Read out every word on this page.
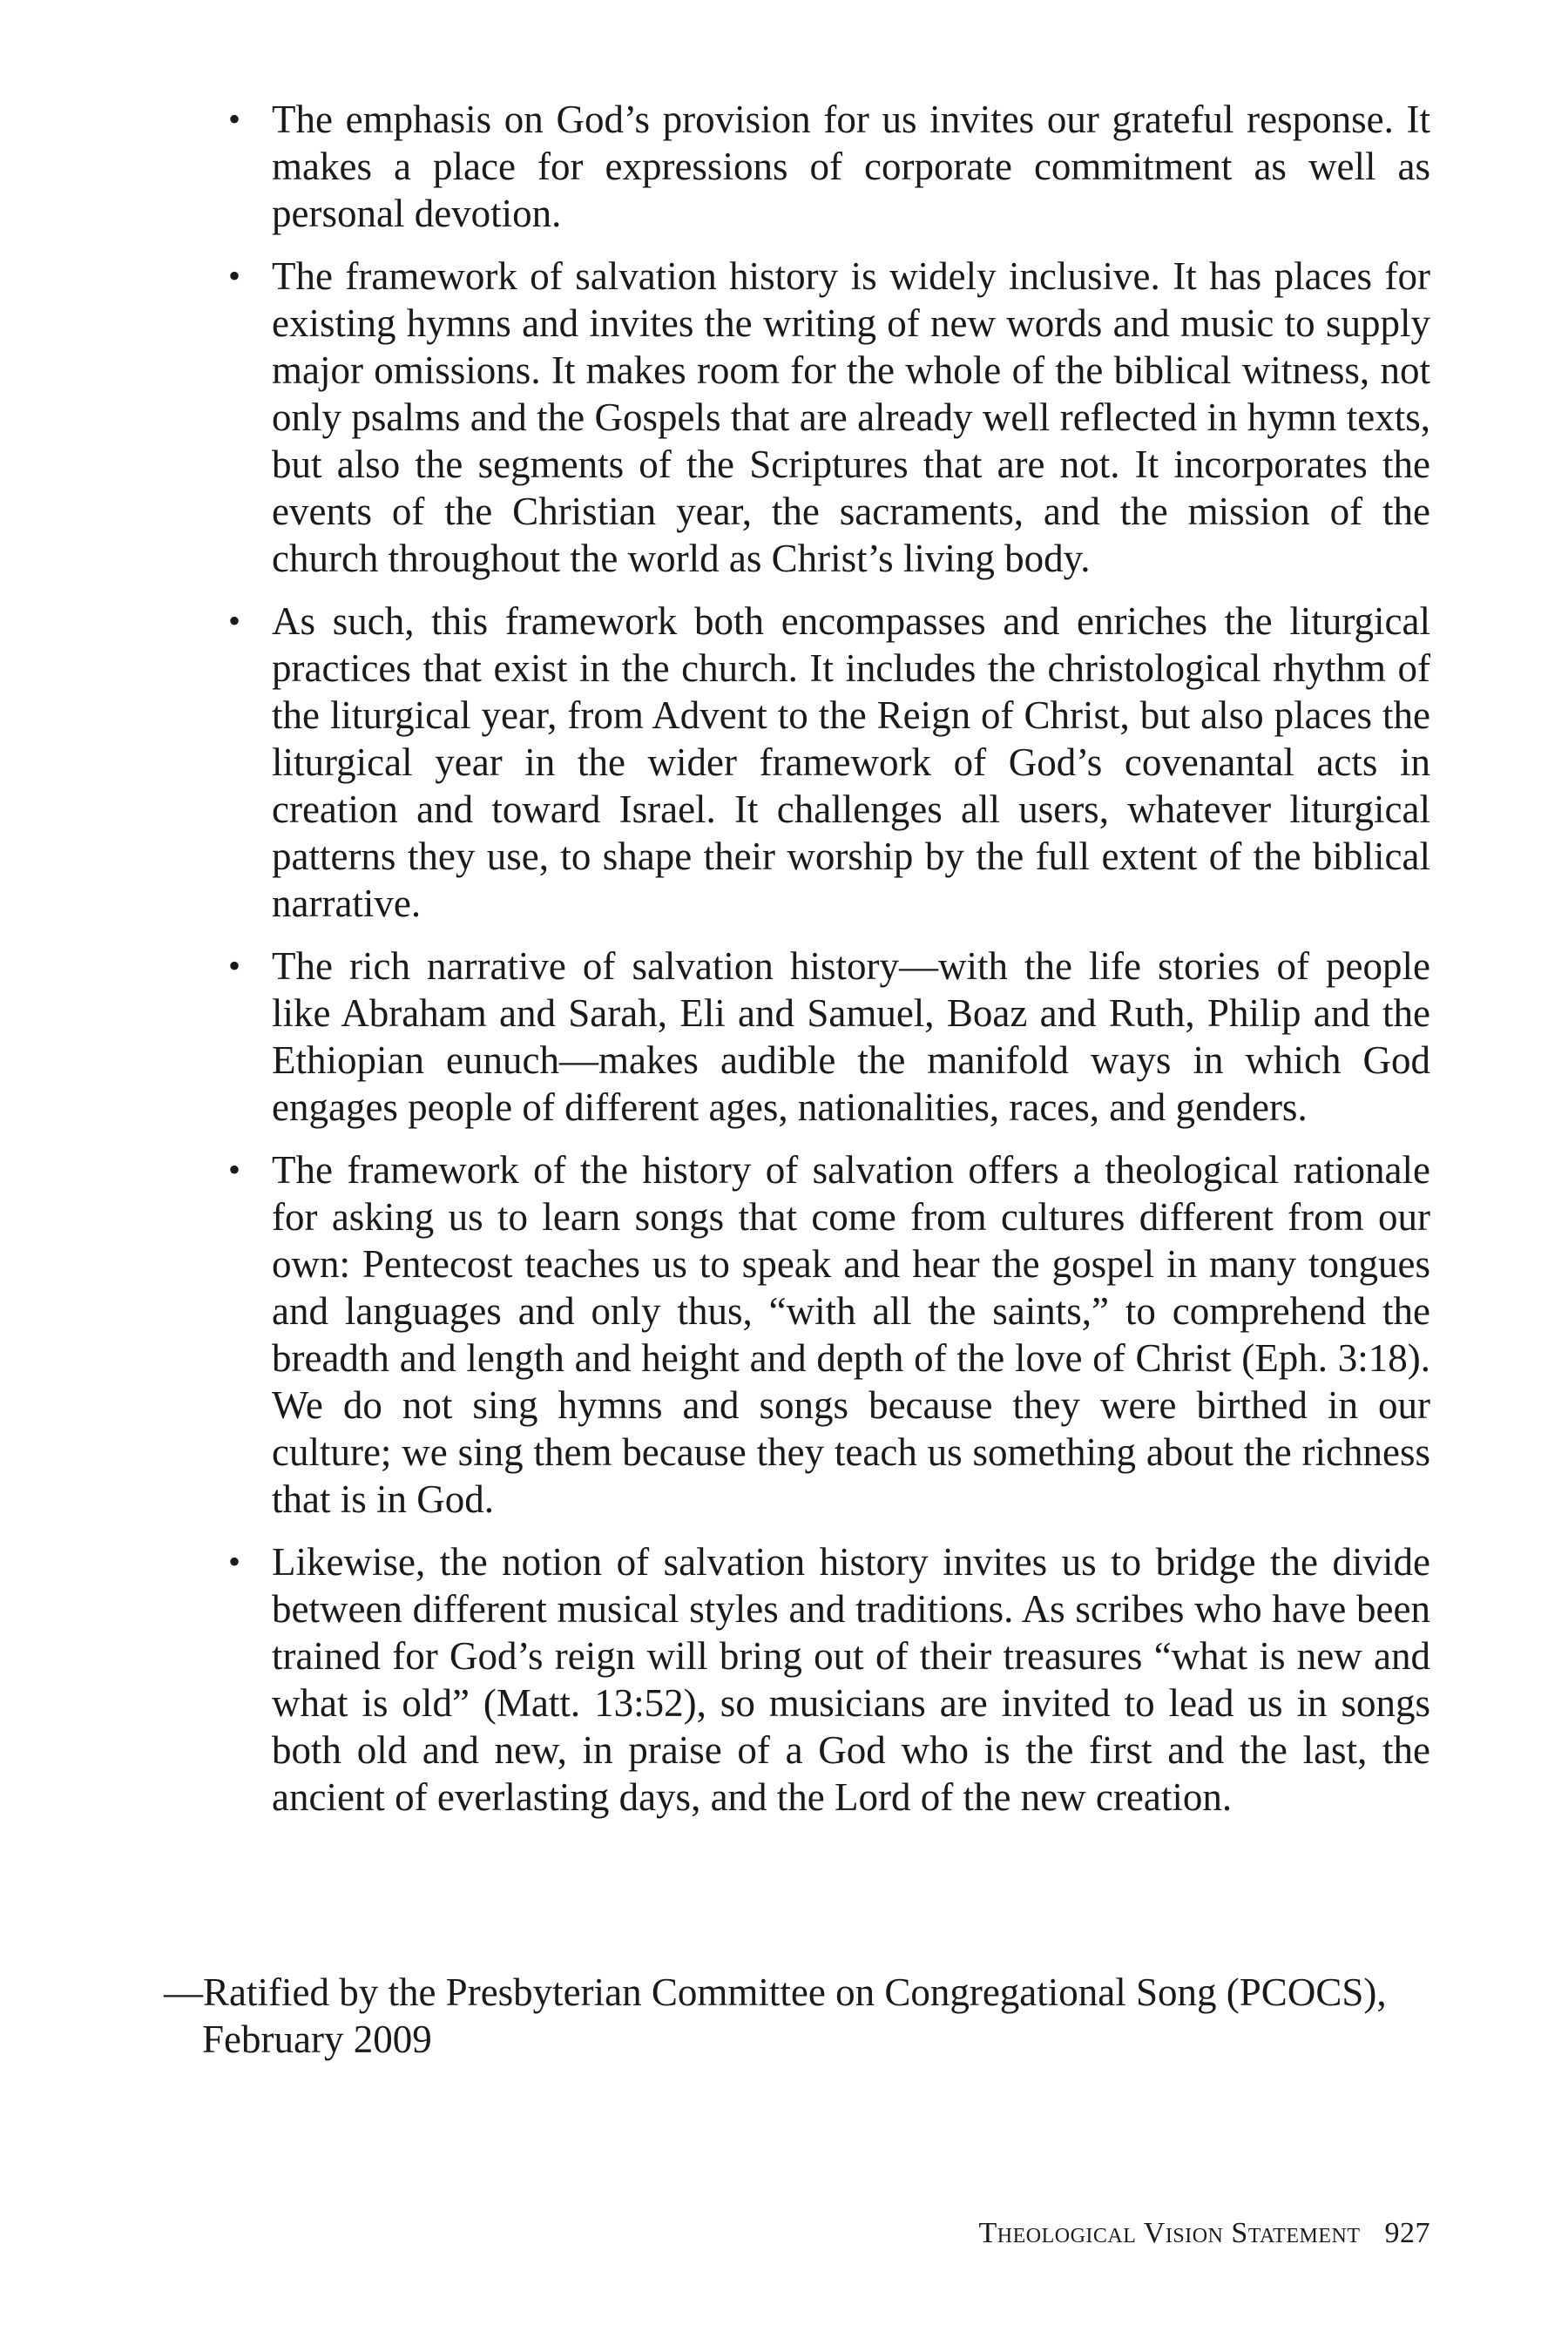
• The emphasis on God’s provision for us invites our grateful response. It makes a place for expressions of corporate commitment as well as personal devotion.
• The framework of salvation history is widely inclusive. It has places for existing hymns and invites the writing of new words and music to supply major omissions. It makes room for the whole of the biblical witness, not only psalms and the Gospels that are already well reflected in hymn texts, but also the segments of the Scriptures that are not. It incorporates the events of the Christian year, the sacraments, and the mission of the church throughout the world as Christ’s living body.
• As such, this framework both encompasses and enriches the liturgical practices that exist in the church. It includes the christological rhythm of the liturgical year, from Advent to the Reign of Christ, but also places the liturgical year in the wider framework of God’s covenantal acts in creation and toward Israel. It challenges all users, whatever liturgical patterns they use, to shape their worship by the full extent of the biblical narrative.
• The rich narrative of salvation history—with the life stories of people like Abraham and Sarah, Eli and Samuel, Boaz and Ruth, Philip and the Ethiopian eunuch—makes audible the manifold ways in which God engages people of different ages, nationalities, races, and genders.
• The framework of the history of salvation offers a theological rationale for asking us to learn songs that come from cultures different from our own: Pentecost teaches us to speak and hear the gospel in many tongues and languages and only thus, “with all the saints,” to comprehend the breadth and length and height and depth of the love of Christ (Eph. 3:18). We do not sing hymns and songs because they were birthed in our culture; we sing them because they teach us something about the richness that is in God.
• Likewise, the notion of salvation history invites us to bridge the divide between different musical styles and traditions. As scribes who have been trained for God’s reign will bring out of their treasures “what is new and what is old” (Matt. 13:52), so musicians are invited to lead us in songs both old and new, in praise of a God who is the first and the last, the ancient of everlasting days, and the Lord of the new creation.
—Ratified by the Presbyterian Committee on Congregational Song (PCOCS), February 2009
Theological Vision Statement 927
